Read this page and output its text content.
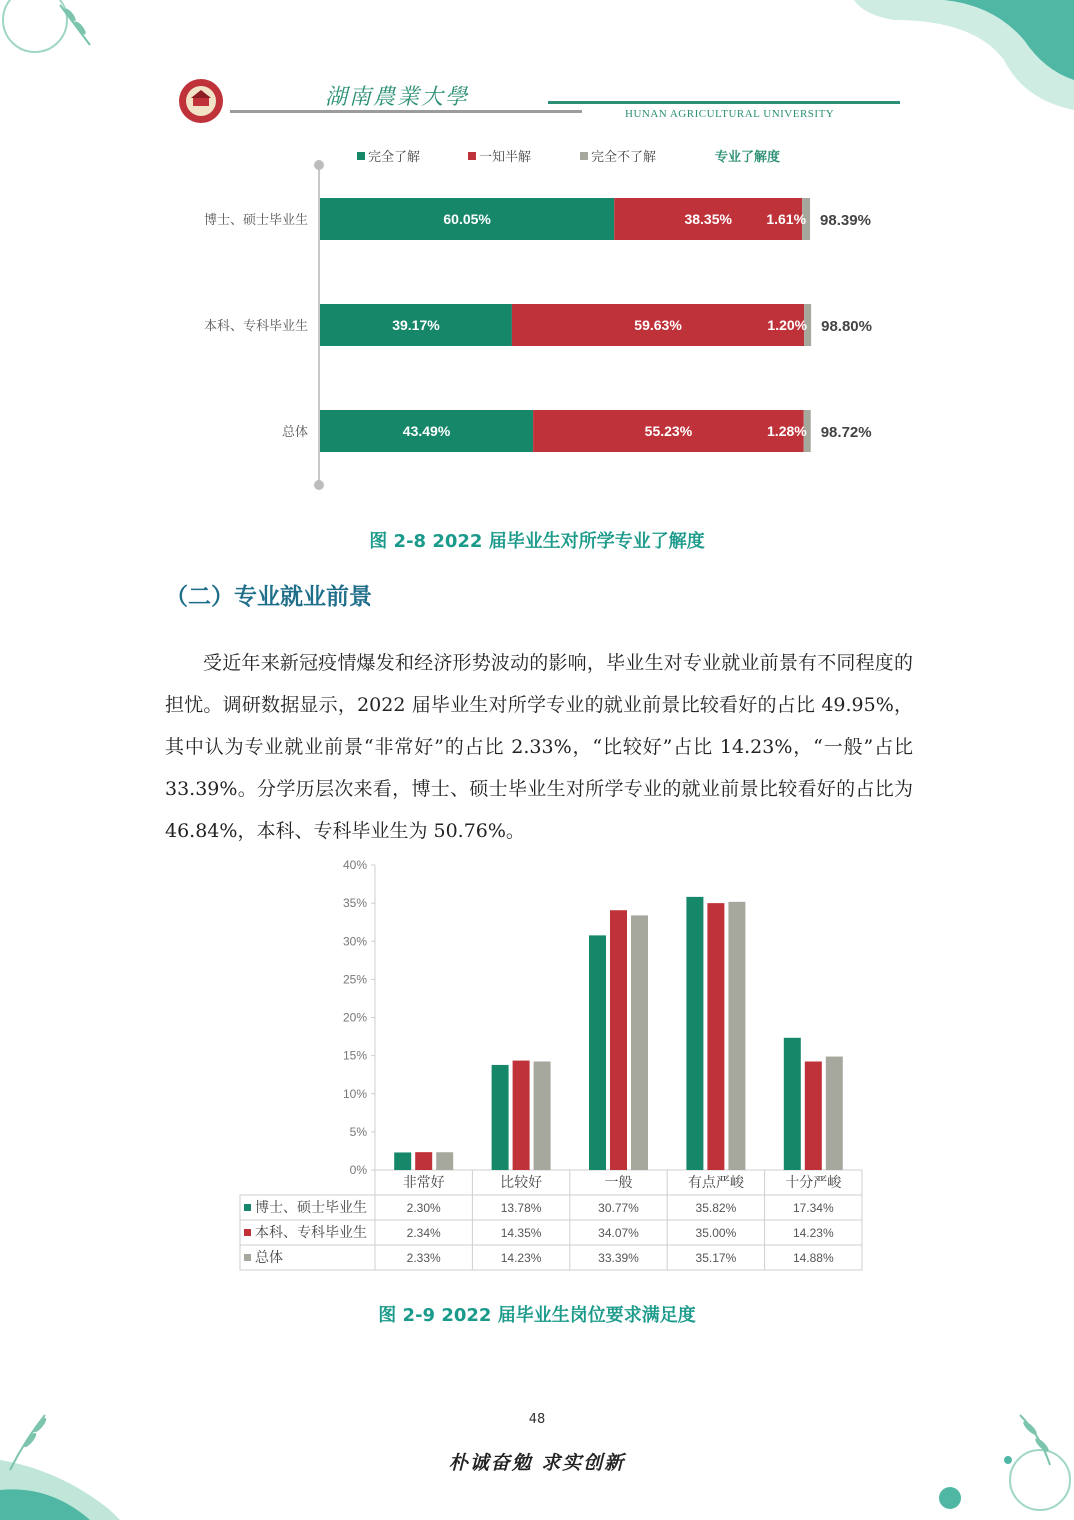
湖南農業大學
HUNAN AGRICULTURAL UNIVERSITY
完全了解	一知半解	完全不了解	专业了解度
博士、硕士毕业生	60.05%	38.35% 1.61% 98.39%
本科、专科毕业生	39.17%	59.63%	1.20% 98.80%
总体	43.49%	55.23%	1.28% 98.72%
图 2-8 2022 届毕业生对所学专业了解度
（二）专业就业前景

受近年来新冠疫情爆发和经济形势波动的影响，毕业生对专业就业前景有不同程度的担忧。调研数据显示，2022 届毕业生对所学专业的就业前景比较看好的占比 49.95%，其中认为专业就业前景“非常好”的占比 2.33%，“比较好”占比 14.23%，“一般”占比 33.39%。分学历层次来看，博士、硕士毕业生对所学专业的就业前景比较看好的占比为 46.84%，本科、专科毕业生为 50.76%。

0%
5%
10%
15%
20%
25%
30%
35%
40%
非常好	比较好	一般	有点严峻	十分严峻
博士、硕士毕业生	2.30%	13.78%	30.77%	35.82%	17.34%
本科、专科毕业生	2.34%	14.35%	34.07%	35.00%	14.23%
总体	2.33%	14.23%	33.39%	35.17%	14.88%
图 2-9 2022 届毕业生岗位要求满足度
48
朴诚奋勉 求实创新
